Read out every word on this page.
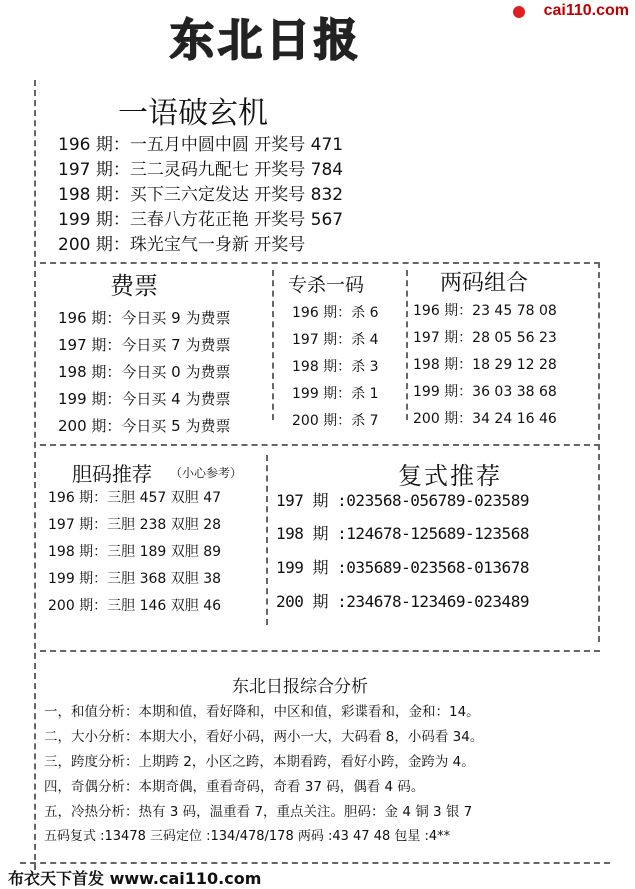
东北日报
cai110.com
一语破玄机
196 期：一五月中圆中圆 开奖号 471
197 期：三二灵码九配七 开奖号 784
198 期：买下三六定发达 开奖号 832
199 期：三春八方花正艳 开奖号 567
200 期：珠光宝气一身新 开奖号
费票
196 期：今日买 9 为费票
197 期：今日买 7 为费票
198 期：今日买 0 为费票
199 期：今日买 4 为费票
200 期：今日买 5 为费票
专杀一码
196 期：杀 6
197 期：杀 4
198 期：杀 3
199 期：杀 1
200 期：杀 7
两码组合
196 期：23 45 78 08
197 期：28 05 56 23
198 期：18 29 12 28
199 期：36 03 38 68
200 期：34 24 16 46
胆码推荐 （小心参考）
196 期：三胆 457 双胆 47
197 期：三胆 238 双胆 28
198 期：三胆 189 双胆 89
199 期：三胆 368 双胆 38
200 期：三胆 146 双胆 46
复式推荐
197 期 :023568-056789-023589
198 期 :124678-125689-123568
199 期 :035689-023568-013678
200 期 :234678-123469-023489
东北日报综合分析
一，和值分析：本期和值，看好降和，中区和值，彩谍看和，金和：14。
二，大小分析：本期大小，看好小码，两小一大，大码看 8，小码看 34。
三，跨度分析：上期跨 2，小区之跨，本期看跨，看好小跨，金跨为 4。
四，奇偶分析：本期奇偶，重看奇码，奇看 37 码，偶看 4 码。
五，冷热分析：热有 3 码，温重看 7，重点关注。胆码：金 4 铜 3 银 7
五码复式 :13478 三码定位 :134/478/178 两码 :43 47 48 包星 :4**
布衣天下首发 www.cai110.com
